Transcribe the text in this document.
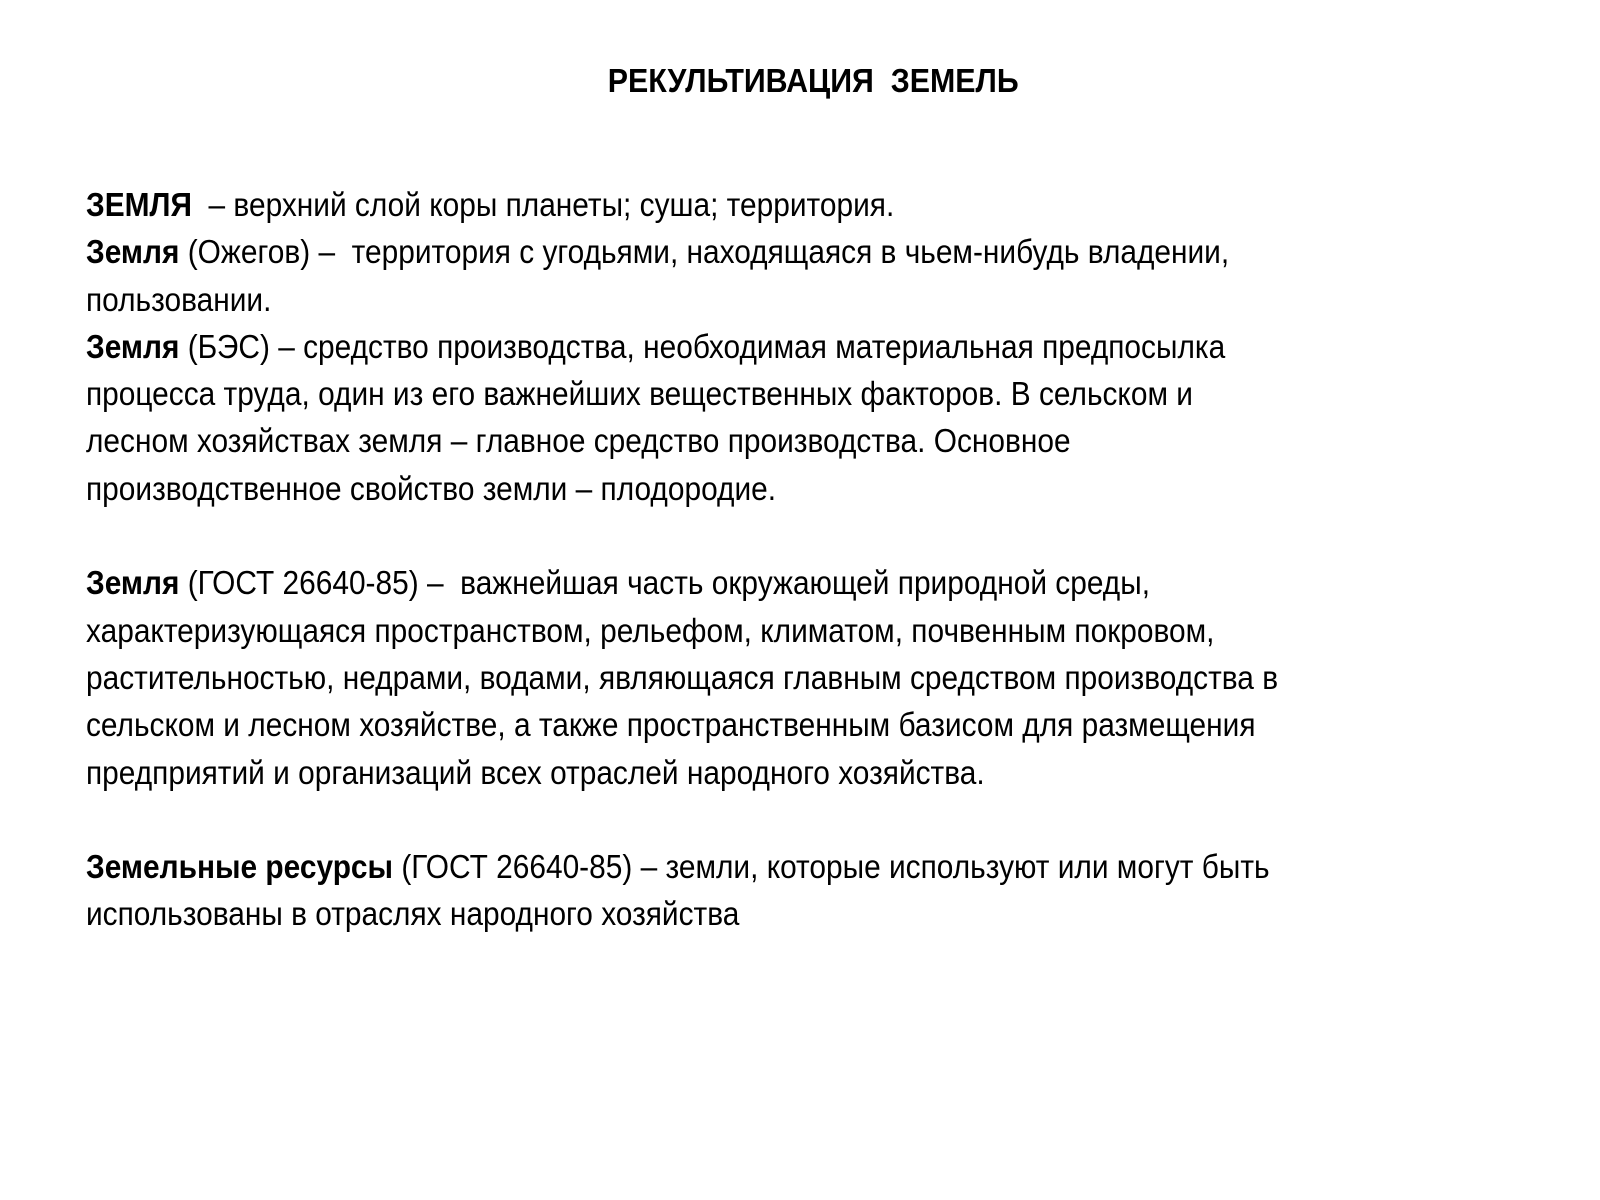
РЕКУЛЬТИВАЦИЯ  ЗЕМЕЛЬ
ЗЕМЛЯ  – верхний слой коры планеты; суша; территория.
Земля (Ожегов) –  территория с угодьями, находящаяся в чьем-нибудь владении,
пользовании.
Земля (БЭС) – средство производства, необходимая материальная предпосылка
процесса труда, один из его важнейших вещественных факторов. В сельском и
лесном хозяйствах земля – главное средство производства. Основное
производственное свойство земли – плодородие.
Земля (ГОСТ 26640-85) –  важнейшая часть окружающей природной среды,
характеризующаяся пространством, рельефом, климатом, почвенным покровом,
растительностью, недрами, водами, являющаяся главным средством производства в
сельском и лесном хозяйстве, а также пространственным базисом для размещения
предприятий и организаций всех отраслей народного хозяйства.
Земельные ресурсы (ГОСТ 26640-85) – земли, которые используют или могут быть
использованы в отраслях народного хозяйства
